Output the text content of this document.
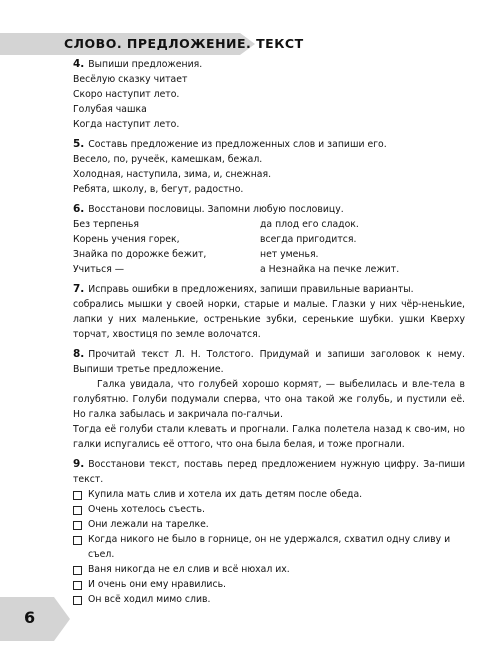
СЛОВО. ПРЕДЛОЖЕНИЕ. ТЕКСТ
4. Выпиши предложения.
Весёлую сказку читает
Скоро наступит лето.
Голубая чашка
Когда наступит лето.
5. Составь предложение из предложенных слов и запиши его.
Весело, по, ручеёк, камешкам, бежал.
Холодная, наступила, зима, и, снежная.
Ребята, школу, в, бегут, радостно.
6. Восстанови пословицы. Запомни любую пословицу.
Без терпенья	да плод его сладок.
Корень учения горек,	всегда пригодится.
Знайка по дорожке бежит,	нет уменья.
Учиться —	а Незнайка на печке лежит.
7. Исправь ошибки в предложениях, запиши правильные варианты.
собрались мышки у своей норки, старые и малые. Глазки у них чёр-неньkие, лапки у них маленькие, остренькие зубки, серенькие шубки. ушки Кверху торчат, хвостиця по земле волочатся.
8. Прочитай текст Л. Н. Толстого. Придумай и запиши заголовок к нему. Выпиши третье предложение.
Галка увидала, что голубей хорошо кормят, — выбелилась и вле-тела в голубятню. Голуби подумали сперва, что она такой же голубь, и пустили её. Но галка забылась и закричала по-галчьи.
Тогда её голуби стали клевать и прогнали. Галка полетела назад к сво-им, но галки испугались её оттого, что она была белая, и тоже прогнали.
9. Восстанови текст, поставь перед предложением нужную цифру. За-пиши текст.
Купила мать слив и хотела их дать детям после обеда.
Очень хотелось съесть.
Они лежали на тарелке.
Когда никого не было в горнице, он не удержался, схватил одну сливу и съел.
Ваня никогда не ел слив и всё нюхал их.
И очень они ему нравились.
Он всё ходил мимо слив.
6
